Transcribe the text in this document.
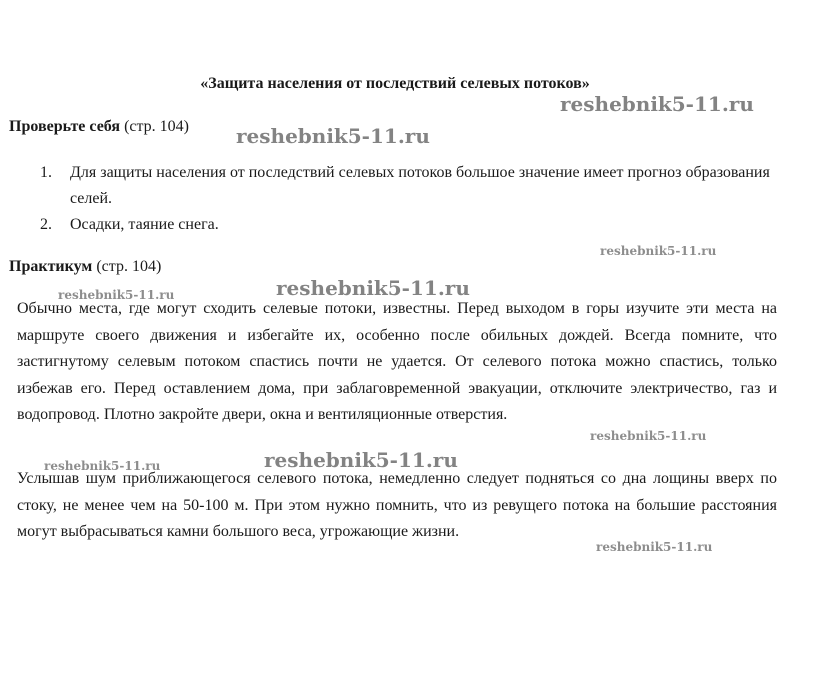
«Защита населения от последствий селевых потоков»
Проверьте себя (стр. 104)
1. Для защиты населения от последствий селевых потоков большое значение имеет прогноз образования селей.
2. Осадки, таяние снега.
Практикум (стр. 104)

Обычно места, где могут сходить селевые потоки, известны. Перед выходом в горы изучите эти места на маршруте своего движения и избегайте их, особенно после обильных дождей. Всегда помните, что застигнутому селевым потоком спастись почти не удается. От селевого потока можно спастись, только избежав его. Перед оставлением дома, при заблаговременной эвакуации, отключите электричество, газ и водопровод. Плотно закройте двери, окна и вентиляционные отверстия.

Услышав шум приближающегося селевого потока, немедленно следует подняться со дна лощины вверх по стоку, не менее чем на 50-100 м. При этом нужно помнить, что из ревущего потока на большие расстояния могут выбрасываться камни большого веса, угрожающие жизни.

reshebnik5-11.ru
reshebnik5-11.ru
reshebnik5-11.ru
reshebnik5-11.ru
reshebnik5-11.ru
reshebnik5-11.ru
reshebnik5-11.ru
reshebnik5-11.ru
reshebnik5-11.ru
